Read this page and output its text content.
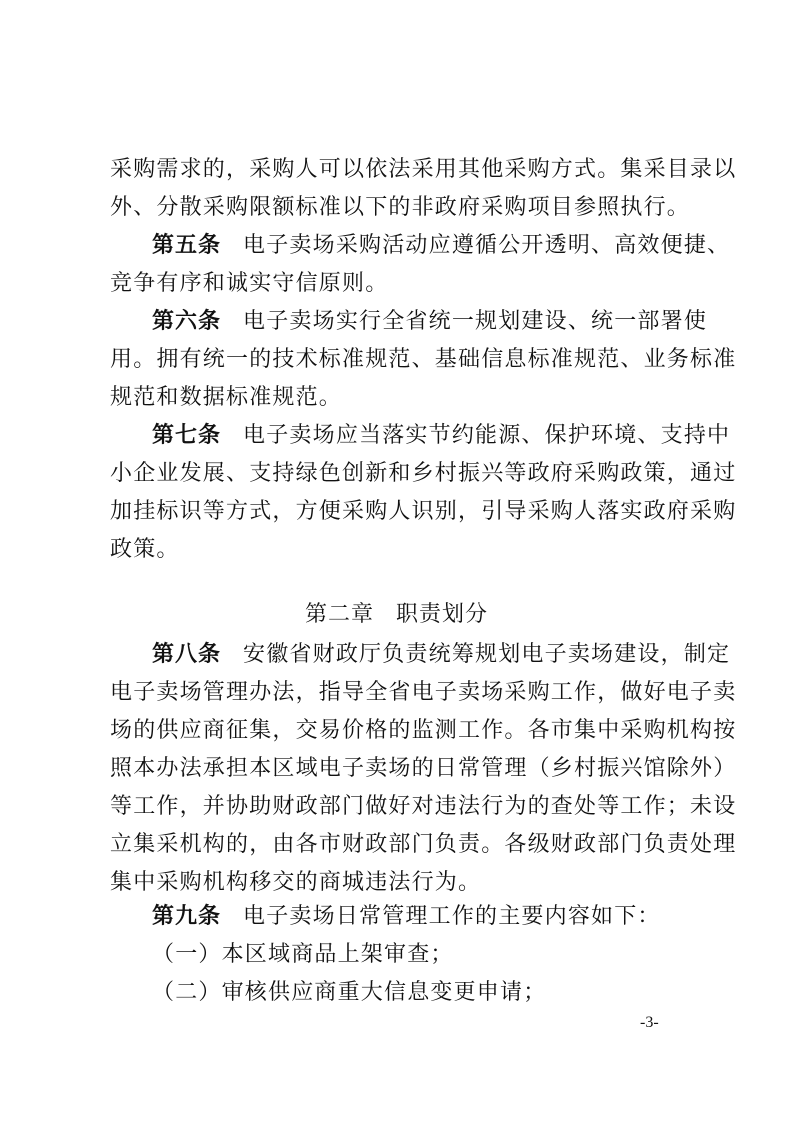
采购需求的，采购人可以依法采用其他采购方式。集采目录以
外、分散采购限额标准以下的非政府采购项目参照执行。
第五条 电子卖场采购活动应遵循公开透明、高效便捷、
竞争有序和诚实守信原则。
第六条 电子卖场实行全省统一规划建设、统一部署使
用。拥有统一的技术标准规范、基础信息标准规范、业务标准
规范和数据标准规范。
第七条 电子卖场应当落实节约能源、保护环境、支持中
小企业发展、支持绿色创新和乡村振兴等政府采购政策，通过
加挂标识等方式，方便采购人识别，引导采购人落实政府采购
政策。
第二章 职责划分
第八条 安徽省财政厅负责统筹规划电子卖场建设，制定
电子卖场管理办法，指导全省电子卖场采购工作，做好电子卖
场的供应商征集，交易价格的监测工作。各市集中采购机构按
照本办法承担本区域电子卖场的日常管理（乡村振兴馆除外）
等工作，并协助财政部门做好对违法行为的查处等工作；未设
立集采机构的，由各市财政部门负责。各级财政部门负责处理
集中采购机构移交的商城违法行为。
第九条 电子卖场日常管理工作的主要内容如下：
（一）本区域商品上架审查；
（二）审核供应商重大信息变更申请；
-3-
